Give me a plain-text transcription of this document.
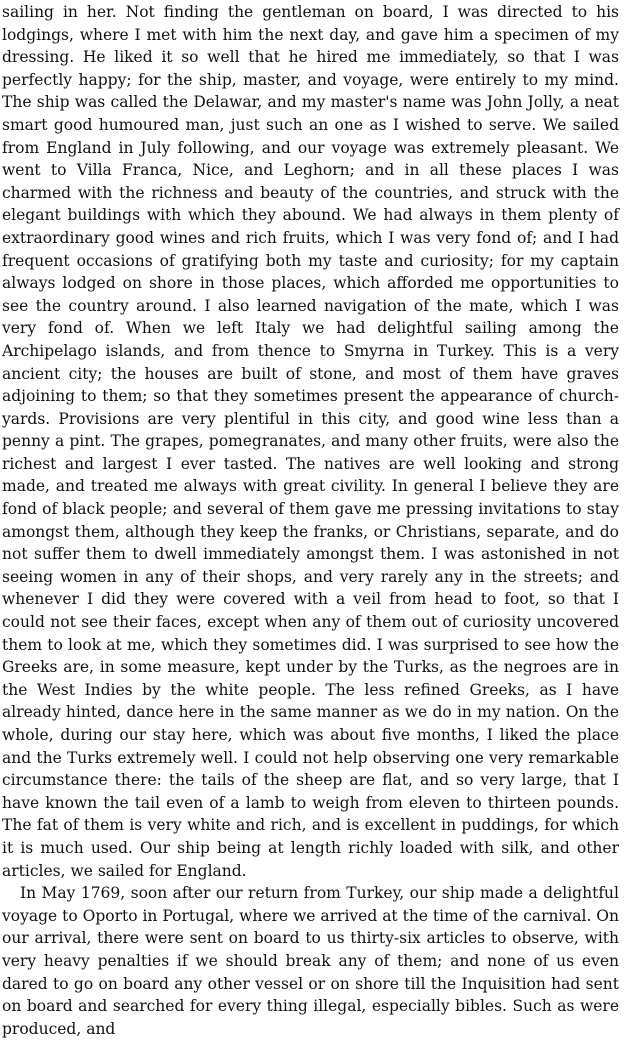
sailing in her. Not finding the gentleman on board, I was directed to his lodgings, where I met with him the next day, and gave him a specimen of my dressing. He liked it so well that he hired me immediately, so that I was perfectly happy; for the ship, master, and voyage, were entirely to my mind. The ship was called the Delawar, and my master's name was John Jolly, a neat smart good humoured man, just such an one as I wished to serve. We sailed from England in July following, and our voyage was extremely pleasant. We went to Villa Franca, Nice, and Leghorn; and in all these places I was charmed with the richness and beauty of the countries, and struck with the elegant buildings with which they abound. We had always in them plenty of extraordinary good wines and rich fruits, which I was very fond of; and I had frequent occasions of gratifying both my taste and curiosity; for my captain always lodged on shore in those places, which afforded me opportunities to see the country around. I also learned navigation of the mate, which I was very fond of. When we left Italy we had delightful sailing among the Archipelago islands, and from thence to Smyrna in Turkey. This is a very ancient city; the houses are built of stone, and most of them have graves adjoining to them; so that they sometimes present the appearance of church-yards. Provisions are very plentiful in this city, and good wine less than a penny a pint. The grapes, pomegranates, and many other fruits, were also the richest and largest I ever tasted. The natives are well looking and strong made, and treated me always with great civility. In general I believe they are fond of black people; and several of them gave me pressing invitations to stay amongst them, although they keep the franks, or Christians, separate, and do not suffer them to dwell immediately amongst them. I was astonished in not seeing women in any of their shops, and very rarely any in the streets; and whenever I did they were covered with a veil from head to foot, so that I could not see their faces, except when any of them out of curiosity uncovered them to look at me, which they sometimes did. I was surprised to see how the Greeks are, in some measure, kept under by the Turks, as the negroes are in the West Indies by the white people. The less refined Greeks, as I have already hinted, dance here in the same manner as we do in my nation. On the whole, during our stay here, which was about five months, I liked the place and the Turks extremely well. I could not help observing one very remarkable circumstance there: the tails of the sheep are flat, and so very large, that I have known the tail even of a lamb to weigh from eleven to thirteen pounds. The fat of them is very white and rich, and is excellent in puddings, for which it is much used. Our ship being at length richly loaded with silk, and other articles, we sailed for England.

In May 1769, soon after our return from Turkey, our ship made a delightful voyage to Oporto in Portugal, where we arrived at the time of the carnival. On our arrival, there were sent on board to us thirty-six articles to observe, with very heavy penalties if we should break any of them; and none of us even dared to go on board any other vessel or on shore till the Inquisition had sent on board and searched for every thing illegal, especially bibles. Such as were produced, and
